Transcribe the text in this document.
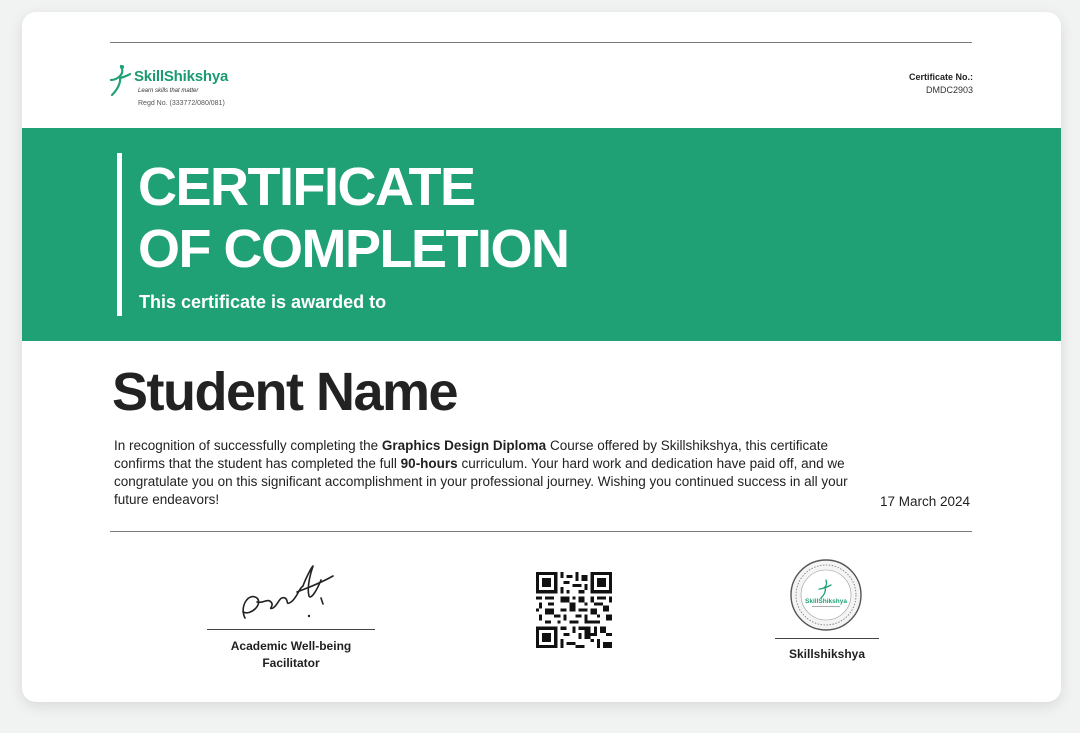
SkillShikshya
Learn skills that matter
Regd No. (333772/080/081)
Certificate No.:
DMDC2903
CERTIFICATE
OF COMPLETION
This certificate is awarded to
Student Name
In recognition of successfully completing the Graphics Design Diploma Course offered by Skillshikshya, this certificate confirms that the student has completed the full 90-hours curriculum. Your hard work and dedication have paid off, and we congratulate you on this significant accomplishment in your professional journey. Wishing you continued success in all your future endeavors!	17 March 2024
Academic Well-being
Facilitator
SkillShikshya
Skillshikshya
